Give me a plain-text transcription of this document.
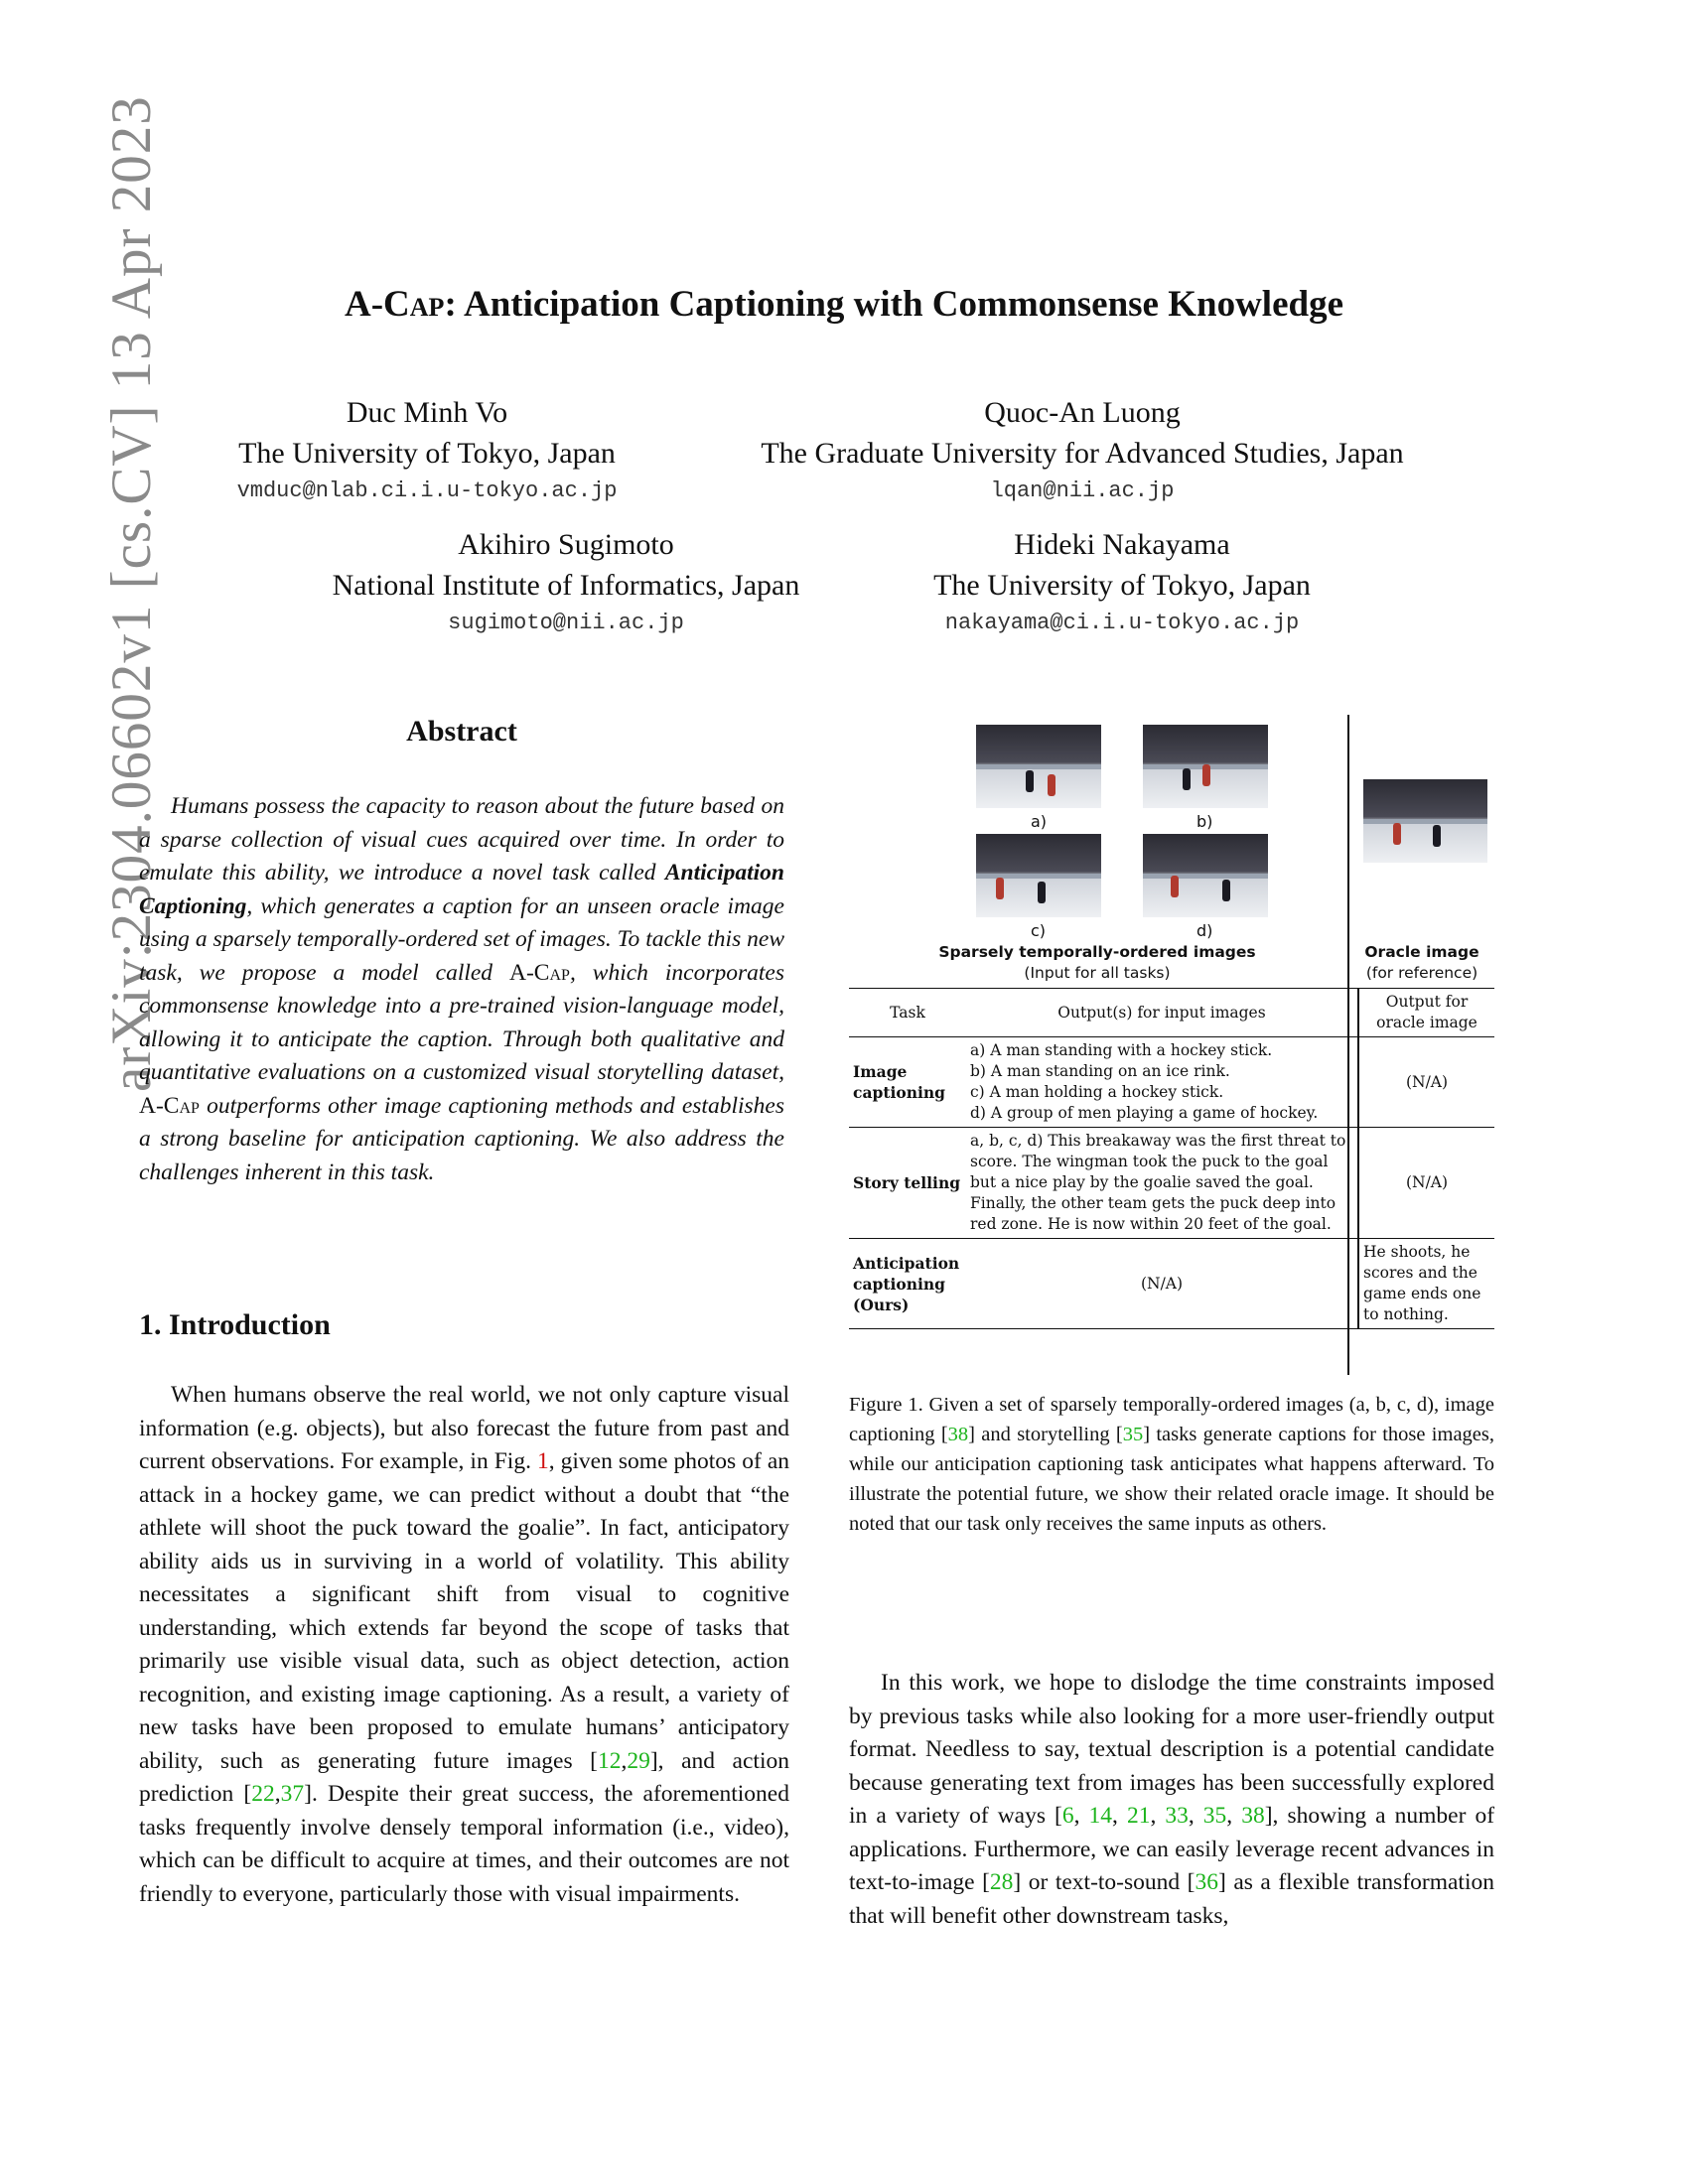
arXiv:2304.06602v1 [cs.CV] 13 Apr 2023	A-Cap: Anticipation Captioning with Commonsense Knowledge
Duc Minh Vo
The University of Tokyo, Japan
vmduc@nlab.ci.i.u-tokyo.ac.jp
Quoc-An Luong
The Graduate University for Advanced Studies, Japan
lqan@nii.ac.jp
Akihiro Sugimoto
National Institute of Informatics, Japan
sugimoto@nii.ac.jp
Hideki Nakayama
The University of Tokyo, Japan
nakayama@ci.i.u-tokyo.ac.jp
Abstract
Humans possess the capacity to reason about the future based on a sparse collection of visual cues acquired over time. In order to emulate this ability, we introduce a novel task called Anticipation Captioning, which generates a caption for an unseen oracle image using a sparsely temporally-ordered set of images. To tackle this new task, we propose a model called A-Cap, which incorporates commonsense knowledge into a pre-trained vision-language model, allowing it to anticipate the caption. Through both qualitative and quantitative evaluations on a customized visual storytelling dataset, A-Cap outperforms other image captioning methods and establishes a strong baseline for anticipation captioning. We also address the challenges inherent in this task.
1. Introduction
When humans observe the real world, we not only capture visual information (e.g. objects), but also forecast the future from past and current observations. For example, in Fig. 1, given some photos of an attack in a hockey game, we can predict without a doubt that “the athlete will shoot the puck toward the goalie”. In fact, anticipatory ability aids us in surviving in a world of volatility. This ability necessitates a significant shift from visual to cognitive understanding, which extends far beyond the scope of tasks that primarily use visible visual data, such as object detection, action recognition, and existing image captioning. As a result, a variety of new tasks have been proposed to emulate humans’ anticipatory ability, such as generating future images [12,29], and action prediction [22,37]. Despite their great success, the aforementioned tasks frequently involve densely temporal information (i.e., video), which can be difficult to acquire at times, and their outcomes are not friendly to everyone, particularly those with visual impairments.
a)	b)
c)	d)
Sparsely temporally-ordered images
(Input for all tasks)
Oracle image
(for reference)
Task	Output(s) for input images	Output for oracle image
Image captioning	a) A man standing with a hockey stick.
b) A man standing on an ice rink.
c) A man holding a hockey stick.
d) A group of men playing a game of hockey.	(N/A)
Story telling	a, b, c, d) This breakaway was the first threat to score. The wingman took the puck to the goal but a nice play by the goalie saved the goal. Finally, the other team gets the puck deep into red zone. He is now within 20 feet of the goal.	(N/A)
Anticipation captioning (Ours)	(N/A)	He shoots, he scores and the game ends one to nothing.
Figure 1. Given a set of sparsely temporally-ordered images (a, b, c, d), image captioning [38] and storytelling [35] tasks generate captions for those images, while our anticipation captioning task anticipates what happens afterward. To illustrate the potential future, we show their related oracle image. It should be noted that our task only receives the same inputs as others.
In this work, we hope to dislodge the time constraints imposed by previous tasks while also looking for a more user-friendly output format. Needless to say, textual description is a potential candidate because generating text from images has been successfully explored in a variety of ways [6, 14, 21, 33, 35, 38], showing a number of applications. Furthermore, we can easily leverage recent advances in text-to-image [28] or text-to-sound [36] as a flexible transformation that will benefit other downstream tasks,
